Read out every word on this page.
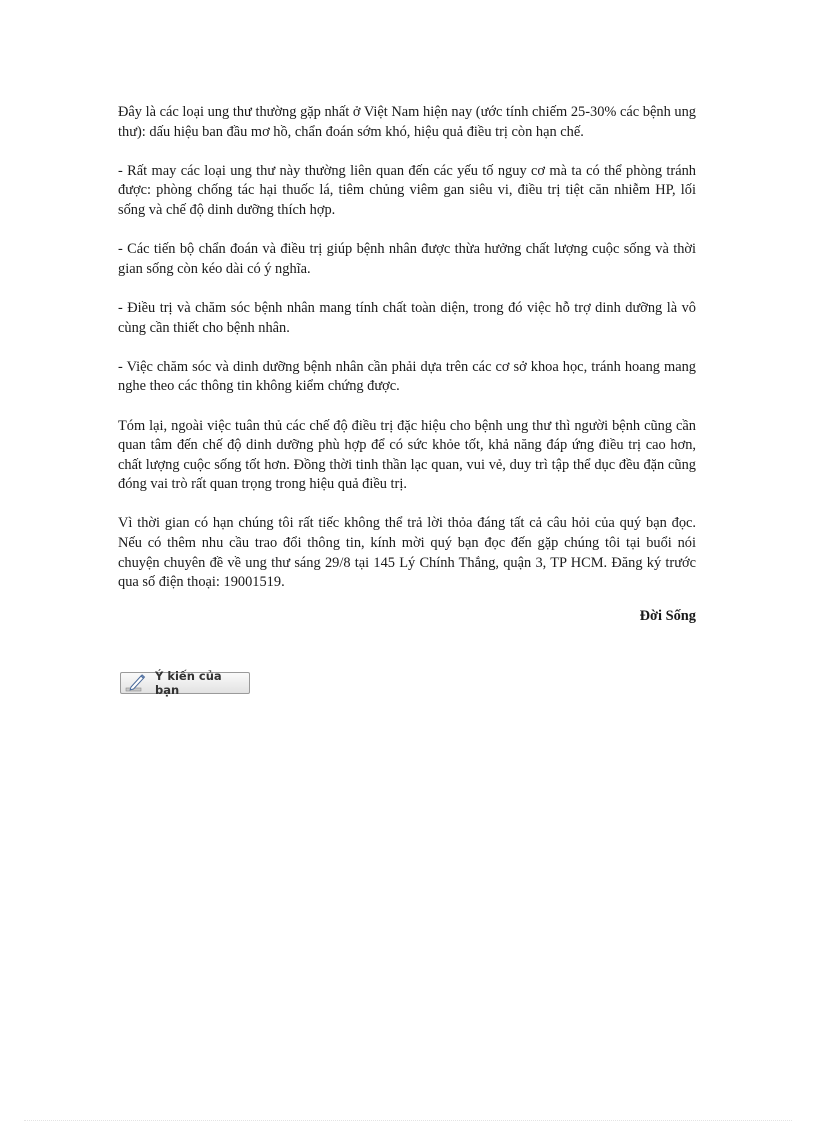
Đây là các loại ung thư thường gặp nhất ở Việt Nam hiện nay (ước tính chiếm 25-30% các bệnh ung thư): dấu hiệu ban đầu mơ hồ, chẩn đoán sớm khó, hiệu quả điều trị còn hạn chế.

- Rất may các loại ung thư này thường liên quan đến các yếu tố nguy cơ mà ta có thể phòng tránh được: phòng chống tác hại thuốc lá, tiêm chủng viêm gan siêu vi, điều trị tiệt căn nhiễm HP, lối sống và chế độ dinh dưỡng thích hợp.

- Các tiến bộ chẩn đoán và điều trị giúp bệnh nhân được thừa hưởng chất lượng cuộc sống và thời gian sống còn kéo dài có ý nghĩa.

- Điều trị và chăm sóc bệnh nhân mang tính chất toàn diện, trong đó việc hỗ trợ dinh dưỡng là vô cùng cần thiết cho bệnh nhân.

- Việc chăm sóc và dinh dưỡng bệnh nhân cần phải dựa trên các cơ sở khoa học, tránh hoang mang nghe theo các thông tin không kiểm chứng được.

Tóm lại, ngoài việc tuân thủ các chế độ điều trị đặc hiệu cho bệnh ung thư thì người bệnh cũng cần quan tâm đến chế độ dinh dưỡng phù hợp để có sức khỏe tốt, khả năng đáp ứng điều trị cao hơn, chất lượng cuộc sống tốt hơn. Đồng thời tinh thần lạc quan, vui vẻ, duy trì tập thể dục đều đặn cũng đóng vai trò rất quan trọng trong hiệu quả điều trị.

Vì thời gian có hạn chúng tôi rất tiếc không thể trả lời thỏa đáng tất cả câu hỏi của quý bạn đọc. Nếu có thêm nhu cầu trao đổi thông tin, kính mời quý bạn đọc đến gặp chúng tôi tại buổi nói chuyện chuyên đề về ung thư sáng 29/8 tại 145 Lý Chính Thắng, quận 3, TP HCM. Đăng ký trước qua số điện thoại: 19001519.

Đời Sống

Ý kiến của bạn
